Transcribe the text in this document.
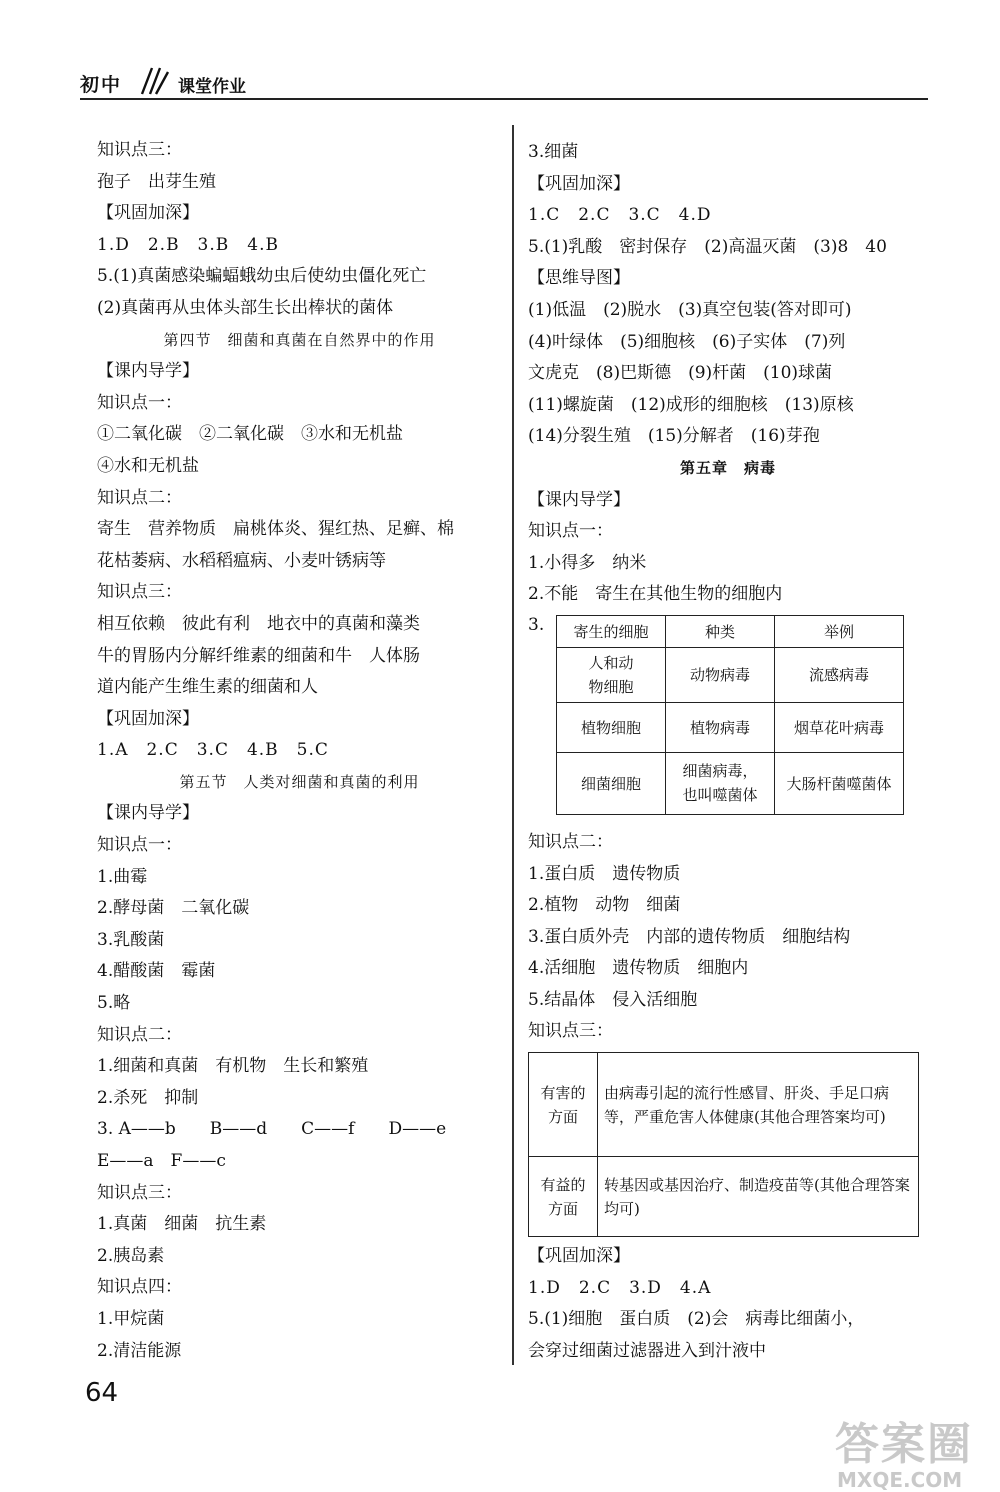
初中	课堂作业
知识点三：
孢子　出芽生殖
【巩固加深】
1.D　2.B　3.B　4.B
5.(1)真菌感染蝙蝠蛾幼虫后使幼虫僵化死亡
(2)真菌再从虫体头部生长出棒状的菌体
第四节　细菌和真菌在自然界中的作用
【课内导学】
知识点一：
①二氧化碳　②二氧化碳　③水和无机盐
④水和无机盐
知识点二：
寄生　营养物质　扁桃体炎、猩红热、足癣、棉
花枯萎病、水稻稻瘟病、小麦叶锈病等
知识点三：
相互依赖　彼此有利　地衣中的真菌和藻类
牛的胃肠内分解纤维素的细菌和牛　人体肠
道内能产生维生素的细菌和人
【巩固加深】
1.A　2.C　3.C　4.B　5.C
第五节　人类对细菌和真菌的利用
【课内导学】
知识点一：
1.曲霉
2.酵母菌　二氧化碳
3.乳酸菌
4.醋酸菌　霉菌
5.略
知识点二：
1.细菌和真菌　有机物　生长和繁殖
2.杀死　抑制
3. A——b　　B——d　　C——f　　D——e
E——a　F——c
知识点三：
1.真菌　细菌　抗生素
2.胰岛素
知识点四：
1.甲烷菌
2.清洁能源
3.细菌
【巩固加深】
1.C　2.C　3.C　4.D
5.(1)乳酸　密封保存　(2)高温灭菌　(3)8　40
【思维导图】
(1)低温　(2)脱水　(3)真空包装(答对即可)
(4)叶绿体　(5)细胞核　(6)子实体　(7)列
文虎克　(8)巴斯德　(9)杆菌　(10)球菌
(11)螺旋菌　(12)成形的细胞核　(13)原核
(14)分裂生殖　(15)分解者　(16)芽孢
第五章　病毒
【课内导学】
知识点一：
1.小得多　纳米
2.不能　寄生在其他生物的细胞内
3. 寄生的细胞	种类	举例
人和动
物细胞	动物病毒	流感病毒
植物细胞	植物病毒	烟草花叶病毒
细菌细胞	细菌病毒，
也叫噬菌体	大肠杆菌噬菌体
知识点二：
1.蛋白质　遗传物质
2.植物　动物　细菌
3.蛋白质外壳　内部的遗传物质　细胞结构
4.活细胞　遗传物质　细胞内
5.结晶体　侵入活细胞
知识点三：
有害的
方面	由病毒引起的流行性感冒、肝炎、手足口病等，严重危害人体健康(其他合理答案均可)
有益的
方面	转基因或基因治疗、制造疫苗等(其他合理答案均可)
【巩固加深】
1.D　2.C　3.D　4.A
5.(1)细胞　蛋白质　(2)会　病毒比细菌小，
会穿过细菌过滤器进入到汁液中
64
答案圈
MXQE.COM
